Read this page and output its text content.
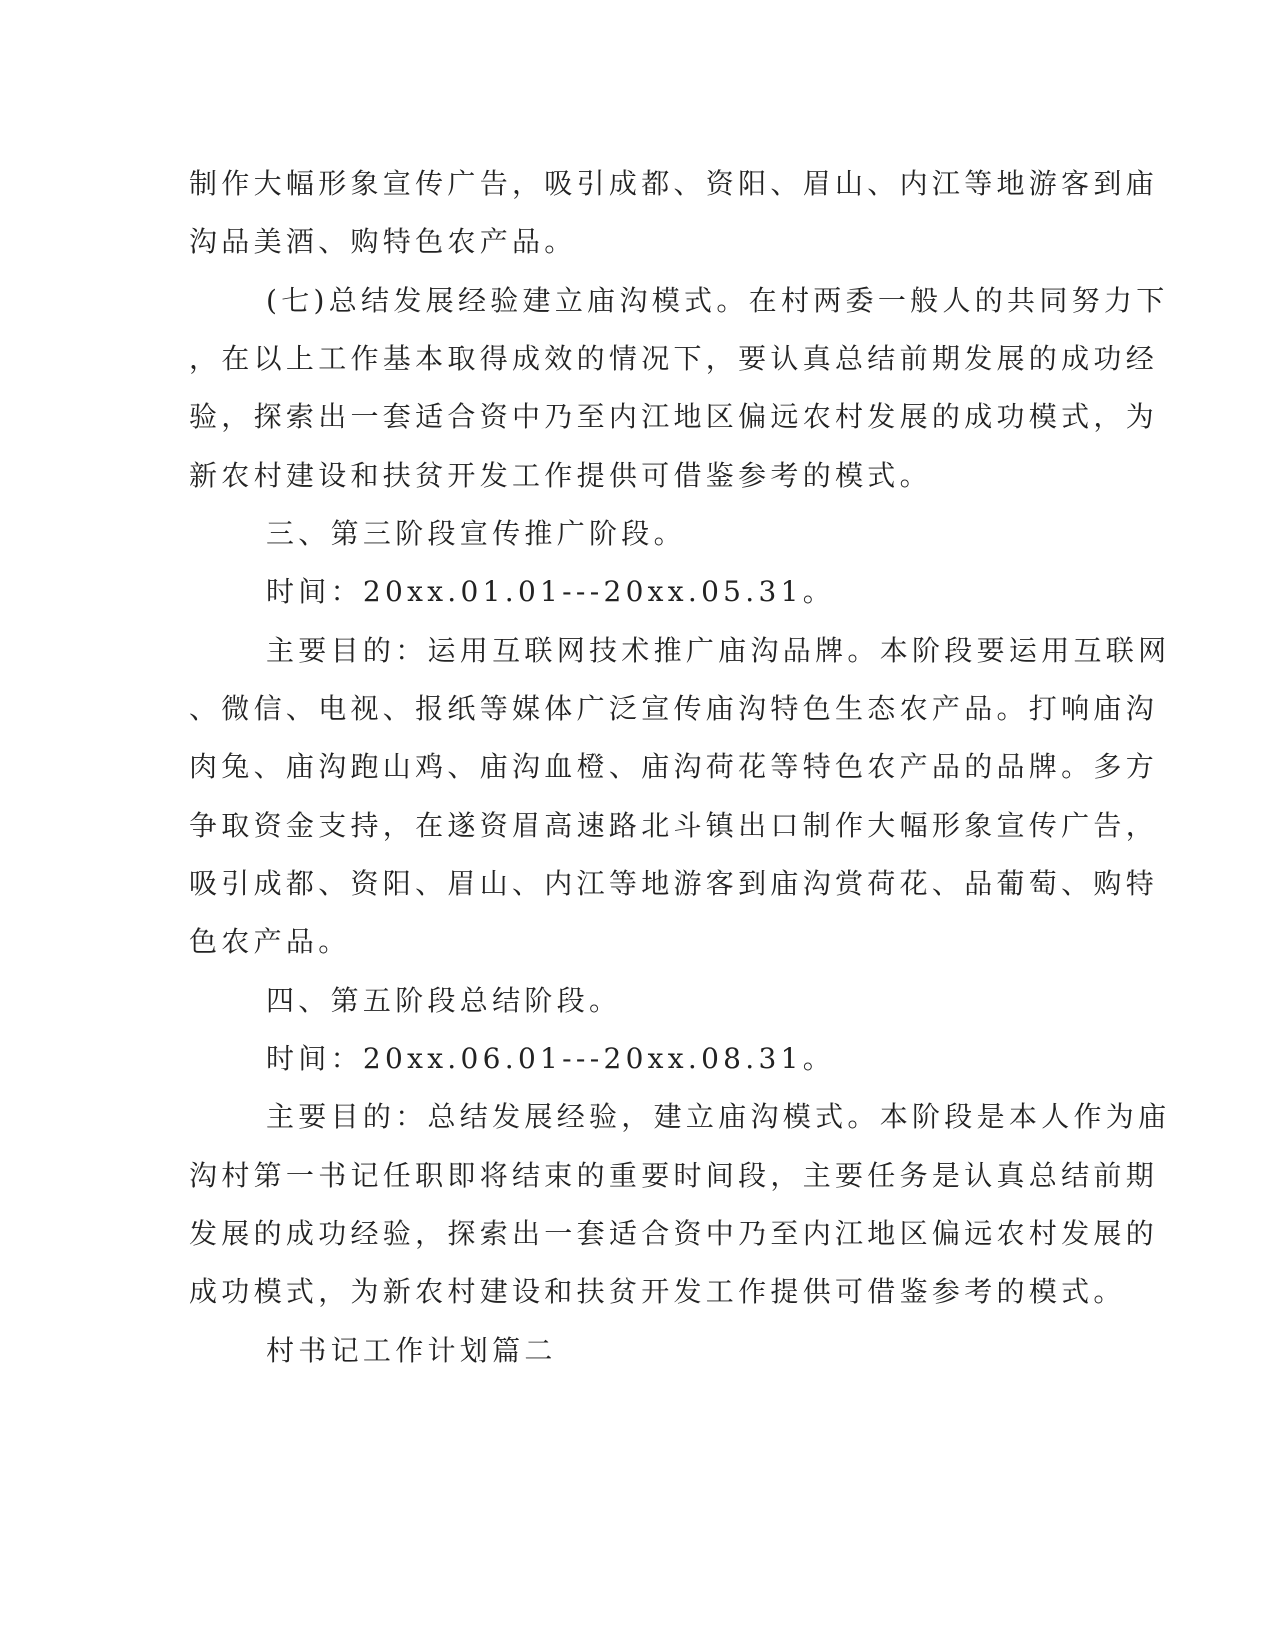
制作大幅形象宣传广告，吸引成都、资阳、眉山、内江等地游客到庙

沟品美酒、购特色农产品。

(七)总结发展经验建立庙沟模式。在村两委一般人的共同努力下

，在以上工作基本取得成效的情况下，要认真总结前期发展的成功经

验，探索出一套适合资中乃至内江地区偏远农村发展的成功模式，为

新农村建设和扶贫开发工作提供可借鉴参考的模式。

三、第三阶段宣传推广阶段。

时间：20xx.01.01---20xx.05.31。

主要目的：运用互联网技术推广庙沟品牌。本阶段要运用互联网

、微信、电视、报纸等媒体广泛宣传庙沟特色生态农产品。打响庙沟

肉兔、庙沟跑山鸡、庙沟血橙、庙沟荷花等特色农产品的品牌。多方

争取资金支持，在遂资眉高速路北斗镇出口制作大幅形象宣传广告，

吸引成都、资阳、眉山、内江等地游客到庙沟赏荷花、品葡萄、购特

色农产品。

四、第五阶段总结阶段。

时间：20xx.06.01---20xx.08.31。

主要目的：总结发展经验，建立庙沟模式。本阶段是本人作为庙

沟村第一书记任职即将结束的重要时间段，主要任务是认真总结前期

发展的成功经验，探索出一套适合资中乃至内江地区偏远农村发展的

成功模式，为新农村建设和扶贫开发工作提供可借鉴参考的模式。

村书记工作计划篇二
